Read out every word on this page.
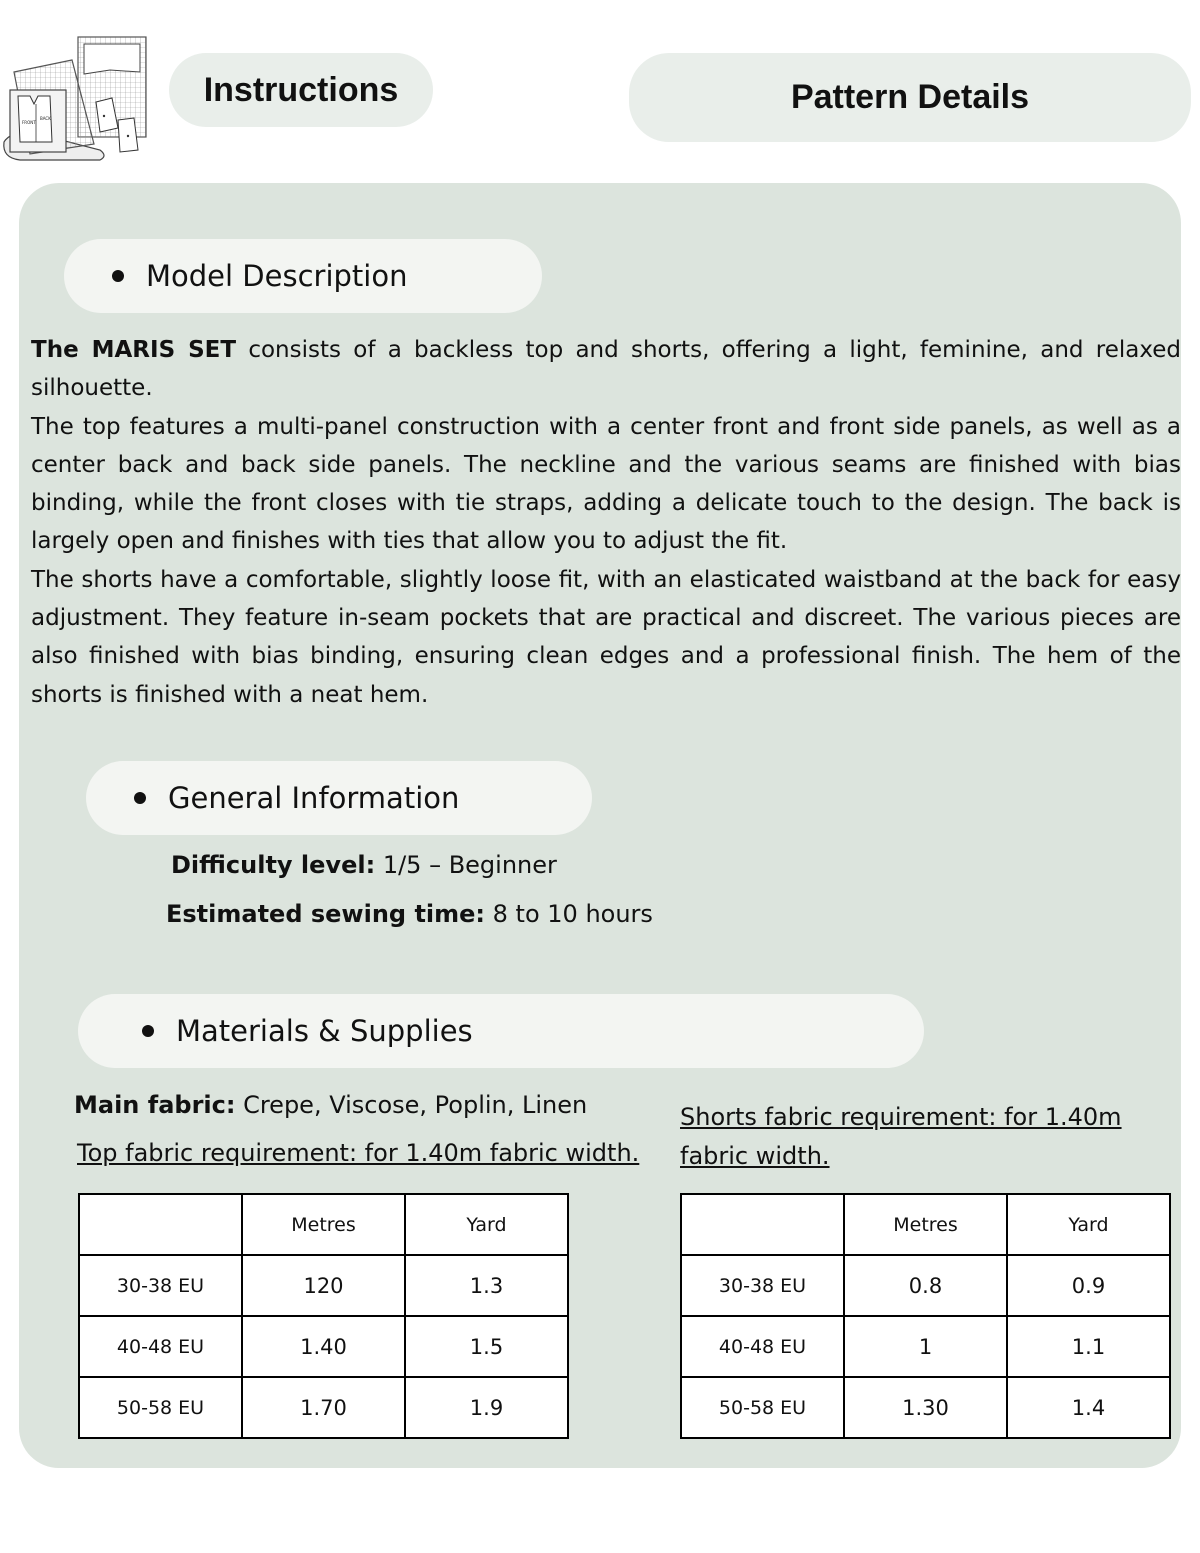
FRONT
BACK
Instructions	Pattern Details
Model Description

The MARIS SET consists of a backless top and shorts, offering a light, feminine, and relaxed silhouette.

The top features a multi-panel construction with a center front and front side panels, as well as a center back and back side panels. The neckline and the various seams are finished with bias binding, while the front closes with tie straps, adding a delicate touch to the design. The back is largely open and finishes with ties that allow you to adjust the fit.

The shorts have a comfortable, slightly loose fit, with an elasticated waistband at the back for easy adjustment. They feature in-seam pockets that are practical and discreet. The various pieces are also finished with bias binding, ensuring clean edges and a professional finish. The hem of the shorts is finished with a neat hem.

General Information
Difficulty level: 1/5 – Beginner
Estimated sewing time: 8 to 10 hours
Materials & Supplies
Main fabric: Crepe, Viscose, Poplin, Linen
Top fabric requirement: for 1.40m fabric width.
Shorts fabric requirement: for 1.40m fabric width.
	Metres	Yard
30-38 EU	120	1.3
40-48 EU	1.40	1.5
50-58 EU	1.70	1.9
	Metres	Yard
30-38 EU	0.8	0.9
40-48 EU	1	1.1
50-58 EU	1.30	1.4
